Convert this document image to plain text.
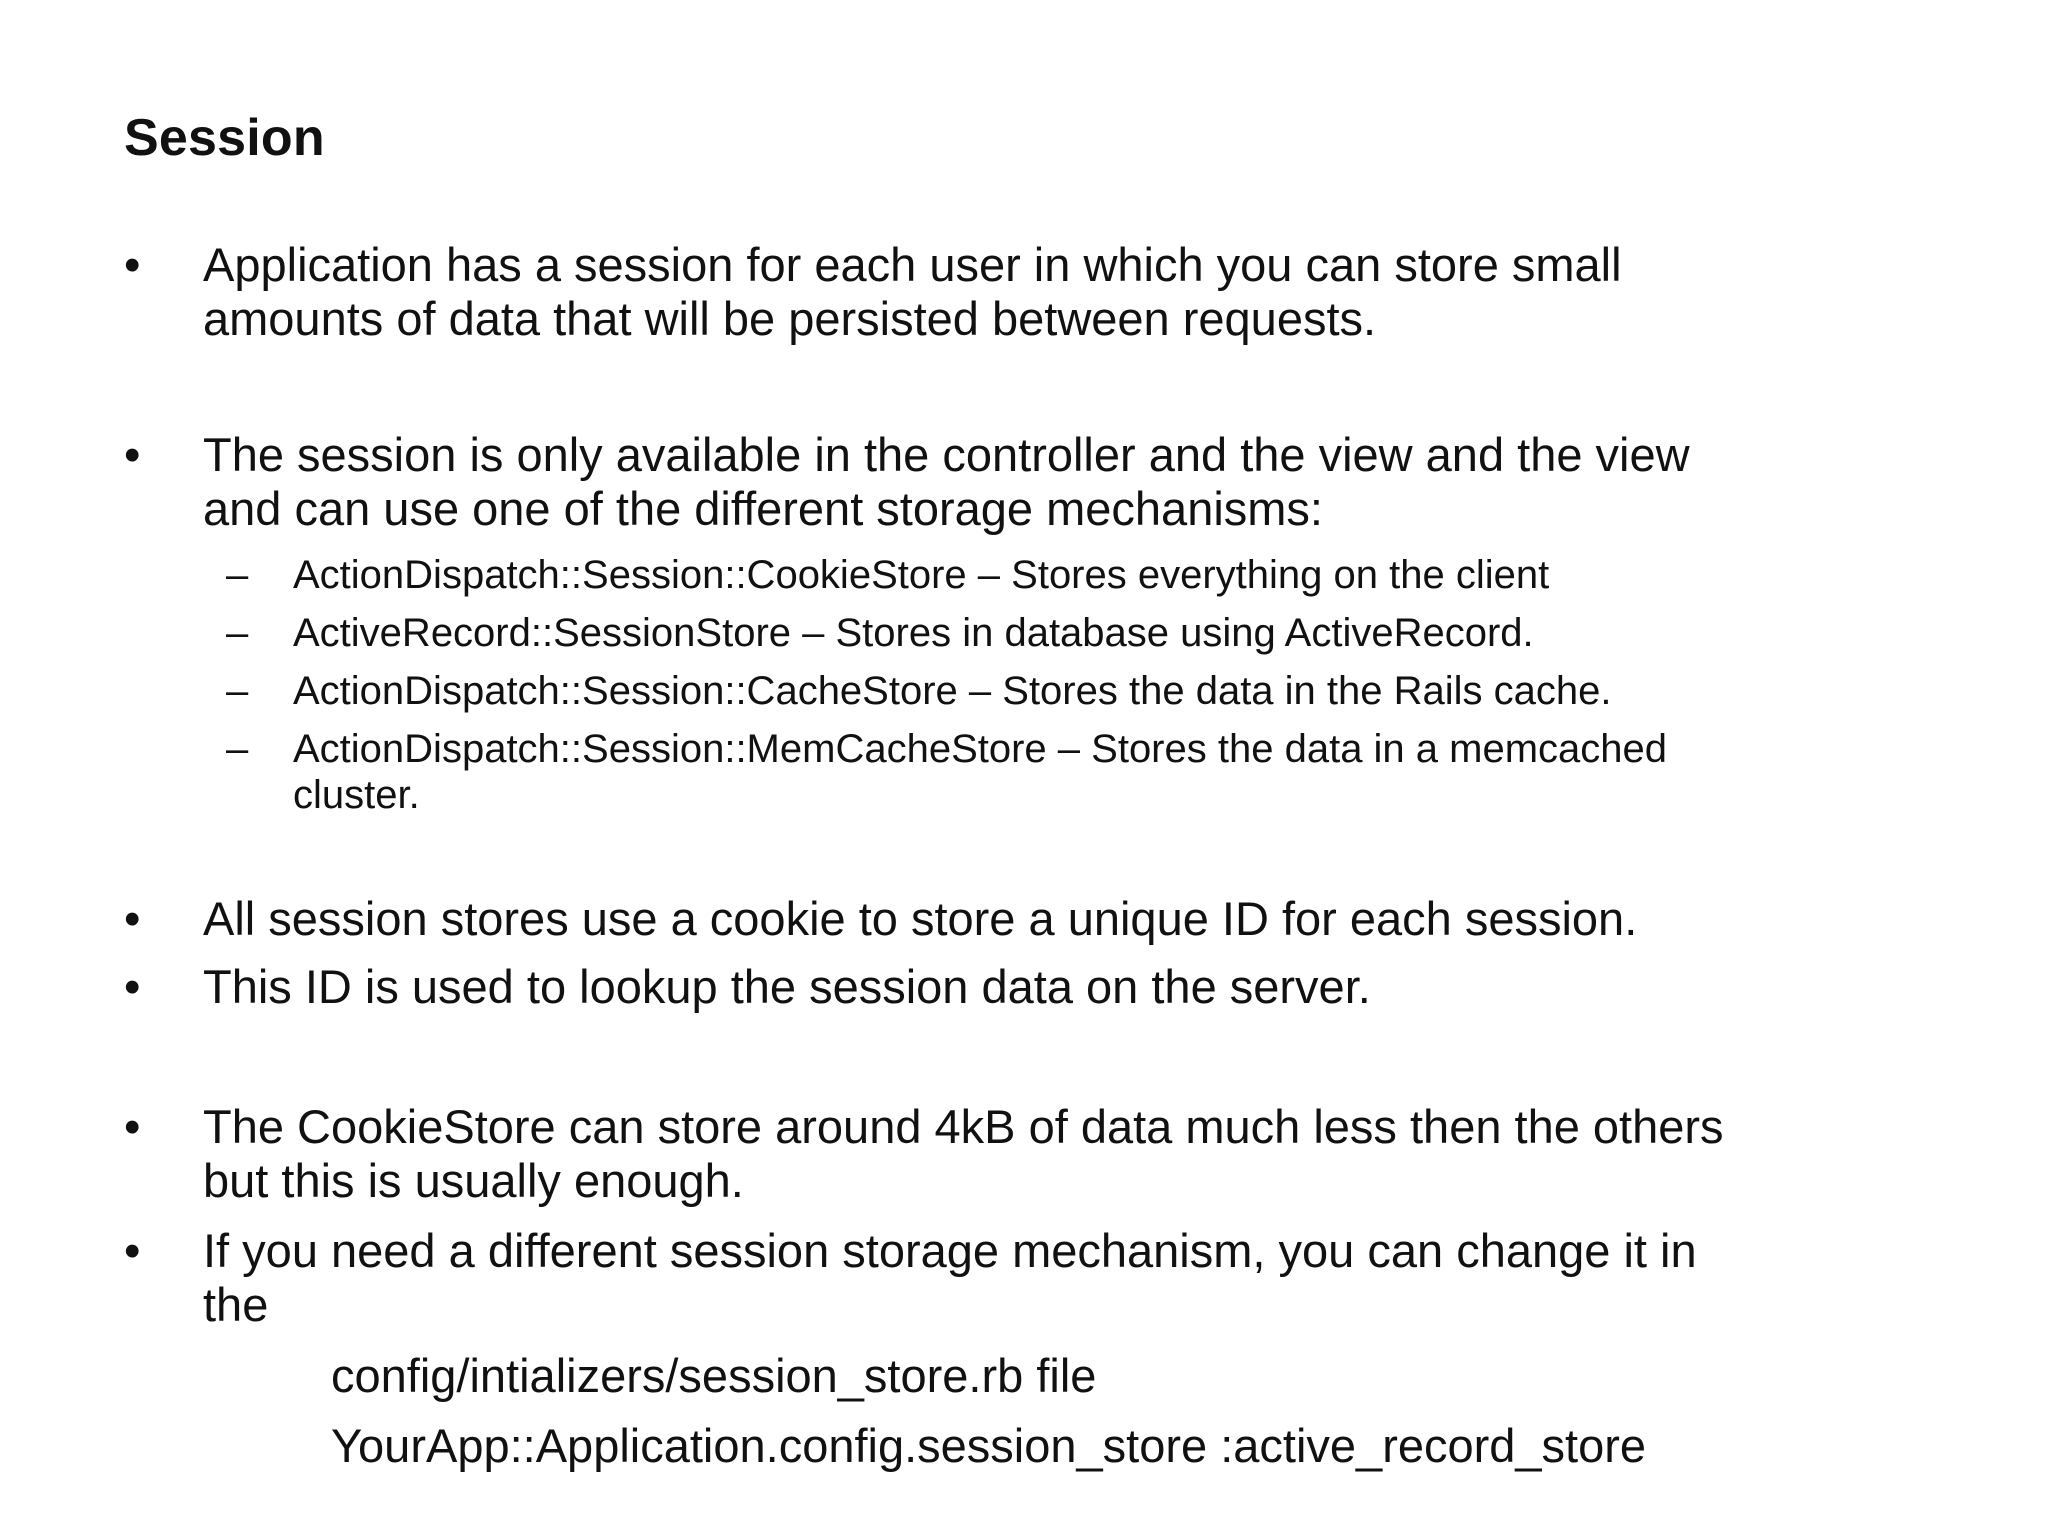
Session
•	Application has a session for each user in which you can store small
amounts of data that will be persisted between requests.
•	The session is only available in the controller and the view and the view
and can use one of the different storage mechanisms:
–	ActionDispatch::Session::CookieStore – Stores everything on the client
–	ActiveRecord::SessionStore – Stores in database using ActiveRecord.
–	ActionDispatch::Session::CacheStore – Stores the data in the Rails cache.
–	ActionDispatch::Session::MemCacheStore – Stores the data in a memcached
cluster.
•	All session stores use a cookie to store a unique ID for each session.
•	This ID is used to lookup the session data on the server.
•	The CookieStore can store around 4kB of data much less then the others
but this is usually enough.
•	If you need a different session storage mechanism, you can change it in
the
config/intializers/session_store.rb file
YourApp::Application.config.session_store :active_record_store
